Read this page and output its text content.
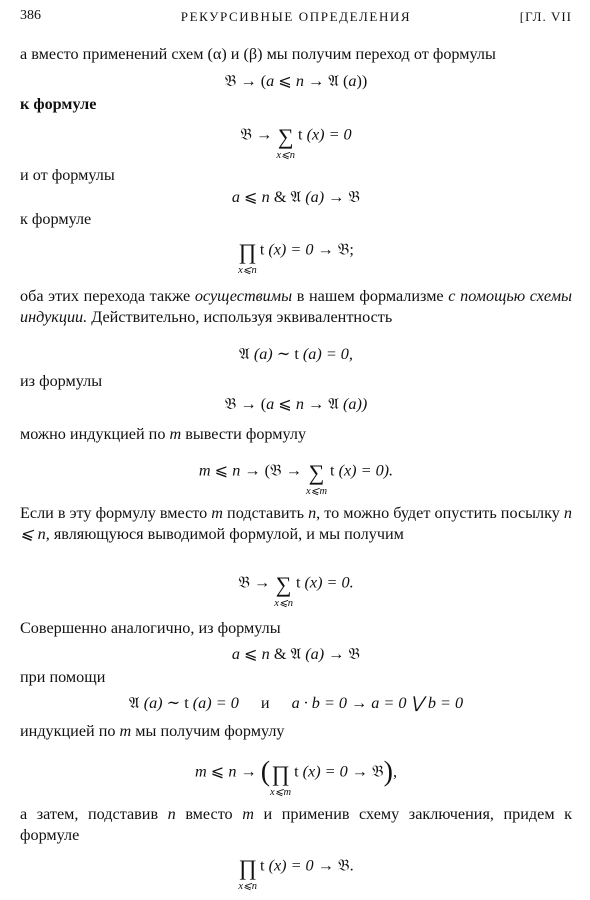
386	РЕКУРСИВНЫЕ ОПРЕДЕЛЕНИЯ	[ГЛ. VII
а вместо применений схем (α) и (β) мы получим переход от формулы
𝔅 → (a ⩽ n → 𝔄 (a))
к формуле
𝔅 → ∑
x⩽n
t (x) = 0
и от формулы
a ⩽ n & 𝔄 (a) → 𝔅
к формуле
∏
x⩽n
t (x) = 0 → 𝔅;
оба этих перехода также осуществимы в нашем формализме с помощью схемы индукции. Действительно, используя эквивалентность
𝔄 (a) ∼ t (a) = 0,
из формулы
𝔅 → (a ⩽ n → 𝔄 (a))
можно индукцией по m вывести формулу
m ⩽ n → (𝔅 → ∑
x⩽m
t (x) = 0).
Если в эту формулу вместо m подставить n, то можно будет опустить посылку n ⩽ n, являющуюся выводимой формулой, и мы получим
𝔅 → ∑
x⩽n
t (x) = 0.
Совершенно аналогично, из формулы
a ⩽ n & 𝔄 (a) → 𝔅
при помощи
𝔄 (a) ∼ t (a) = 0 и a · b = 0 → a = 0 ⋁ b = 0
индукцией по m мы получим формулу
m ⩽ n → ( ∏
x⩽m
t (x) = 0 → 𝔅),
а затем, подставив n вместо m и применив схему заключения, придем к формуле
∏
x⩽n
t (x) = 0 → 𝔅.
